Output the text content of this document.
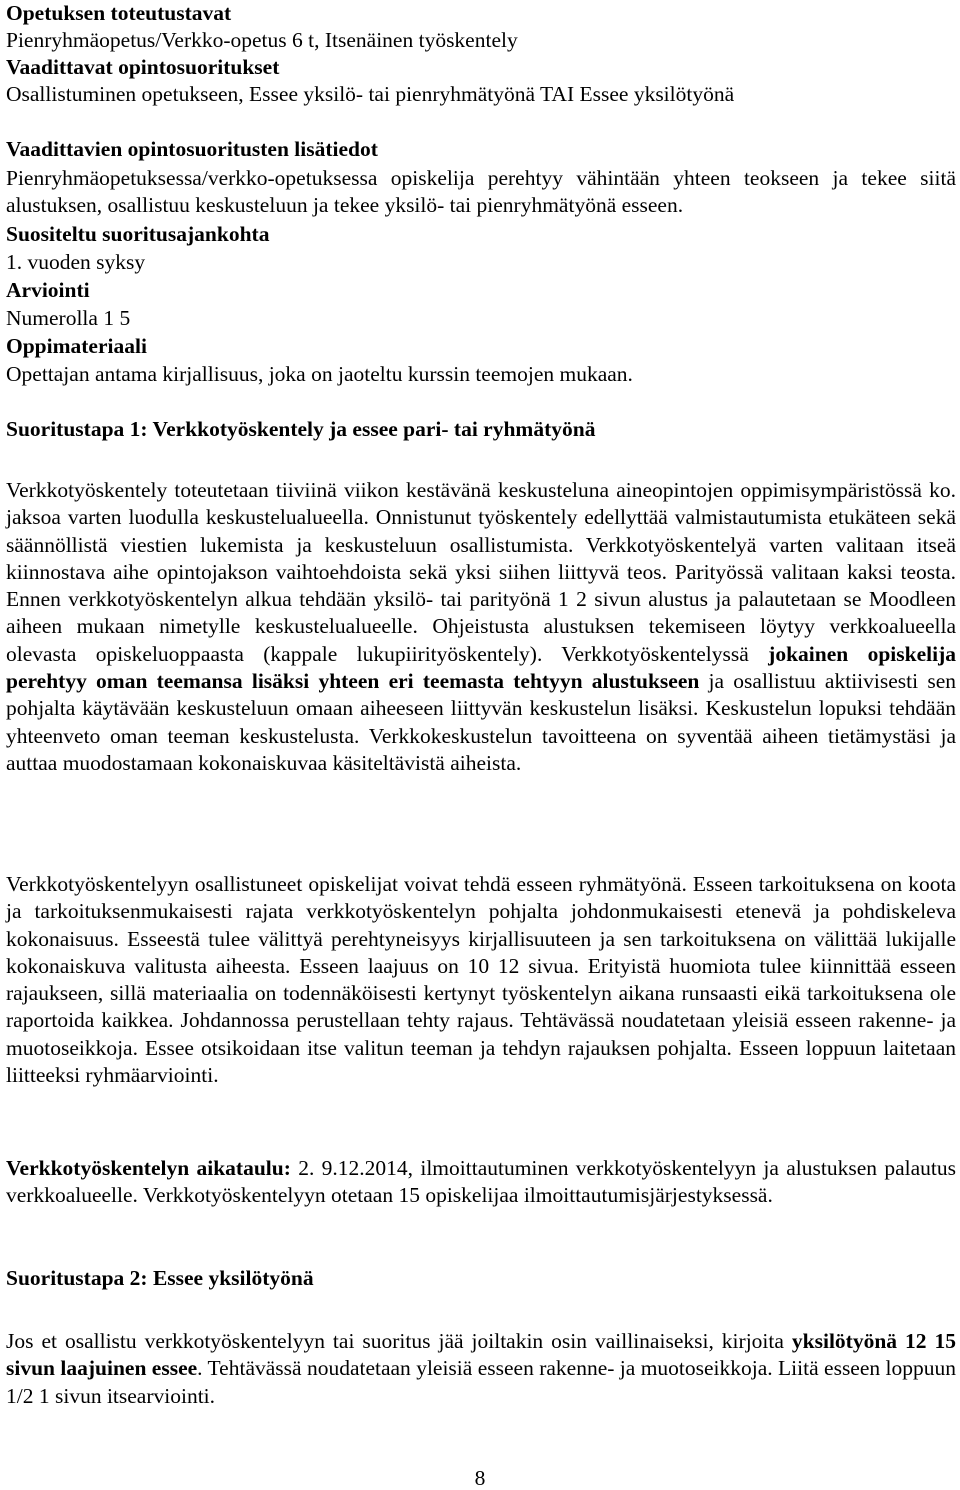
Opetuksen toteutustavat
Pienryhmäopetus/Verkko-opetus 6 t, Itsenäinen työskentely
Vaadittavat opintosuoritukset
Osallistuminen opetukseen, Essee yksilö- tai pienryhmätyönä TAI Essee yksilötyönä
Vaadittavien opintosuoritusten lisätiedot

Pienryhmäopetuksessa/verkko-opetuksessa opiskelija perehtyy vähintään yhteen teokseen ja tekee siitä alustuksen, osallistuu keskusteluun ja tekee yksilö- tai pienryhmätyönä esseen.

Suositeltu suoritusajankohta
1. vuoden syksy
Arviointi
Numerolla 1 5
Oppimateriaali
Opettajan antama kirjallisuus, joka on jaoteltu kurssin teemojen mukaan.
Suoritustapa 1: Verkkotyöskentely ja essee pari- tai ryhmätyönä

Verkkotyöskentely toteutetaan tiiviinä viikon kestävänä keskusteluna aineopintojen oppimisympäristössä ko. jaksoa varten luodulla keskustelualueella. Onnistunut työskentely edellyttää valmistautumista etukäteen sekä säännöllistä viestien lukemista ja keskusteluun osallistumista. Verkkotyöskentelyä varten valitaan itseä kiinnostava aihe opintojakson vaihtoehdoista sekä yksi siihen liittyvä teos. Parityössä valitaan kaksi teosta. Ennen verkkotyöskentelyn alkua tehdään yksilö- tai parityönä 1 2 sivun alustus ja palautetaan se Moodleen aiheen mukaan nimetylle keskustelualueelle. Ohjeistusta alustuksen tekemiseen löytyy verkkoalueella olevasta opiskeluoppaasta (kappale lukupiirityöskentely). Verkkotyöskentelyssä jokainen opiskelija perehtyy oman teemansa lisäksi yhteen eri teemasta tehtyyn alustukseen ja osallistuu aktiivisesti sen pohjalta käytävään keskusteluun omaan aiheeseen liittyvän keskustelun lisäksi. Keskustelun lopuksi tehdään yhteenveto oman teeman keskustelusta. Verkkokeskustelun tavoitteena on syventää aiheen tietämystäsi ja auttaa muodostamaan kokonaiskuvaa käsiteltävistä aiheista.

Verkkotyöskentelyyn osallistuneet opiskelijat voivat tehdä esseen ryhmätyönä. Esseen tarkoituksena on koota ja tarkoituksenmukaisesti rajata verkkotyöskentelyn pohjalta johdonmukaisesti etenevä ja pohdiskeleva kokonaisuus. Esseestä tulee välittyä perehtyneisyys kirjallisuuteen ja sen tarkoituksena on välittää lukijalle kokonaiskuva valitusta aiheesta. Esseen laajuus on 10 12 sivua. Erityistä huomiota tulee kiinnittää esseen rajaukseen, sillä materiaalia on todennäköisesti kertynyt työskentelyn aikana runsaasti eikä tarkoituksena ole raportoida kaikkea. Johdannossa perustellaan tehty rajaus. Tehtävässä noudatetaan yleisiä esseen rakenne- ja muotoseikkoja. Essee otsikoidaan itse valitun teeman ja tehdyn rajauksen pohjalta. Esseen loppuun laitetaan liitteeksi ryhmäarviointi.

Verkkotyöskentelyn aikataulu: 2. 9.12.2014, ilmoittautuminen verkkotyöskentelyyn ja alustuksen palautus verkkoalueelle. Verkkotyöskentelyyn otetaan 15 opiskelijaa ilmoittautumisjärjestyksessä.

Suoritustapa 2: Essee yksilötyönä

Jos et osallistu verkkotyöskentelyyn tai suoritus jää joiltakin osin vaillinaiseksi, kirjoita yksilötyönä 12 15 sivun laajuinen essee. Tehtävässä noudatetaan yleisiä esseen rakenne- ja muotoseikkoja. Liitä esseen loppuun 1/2 1 sivun itsearviointi.

8
